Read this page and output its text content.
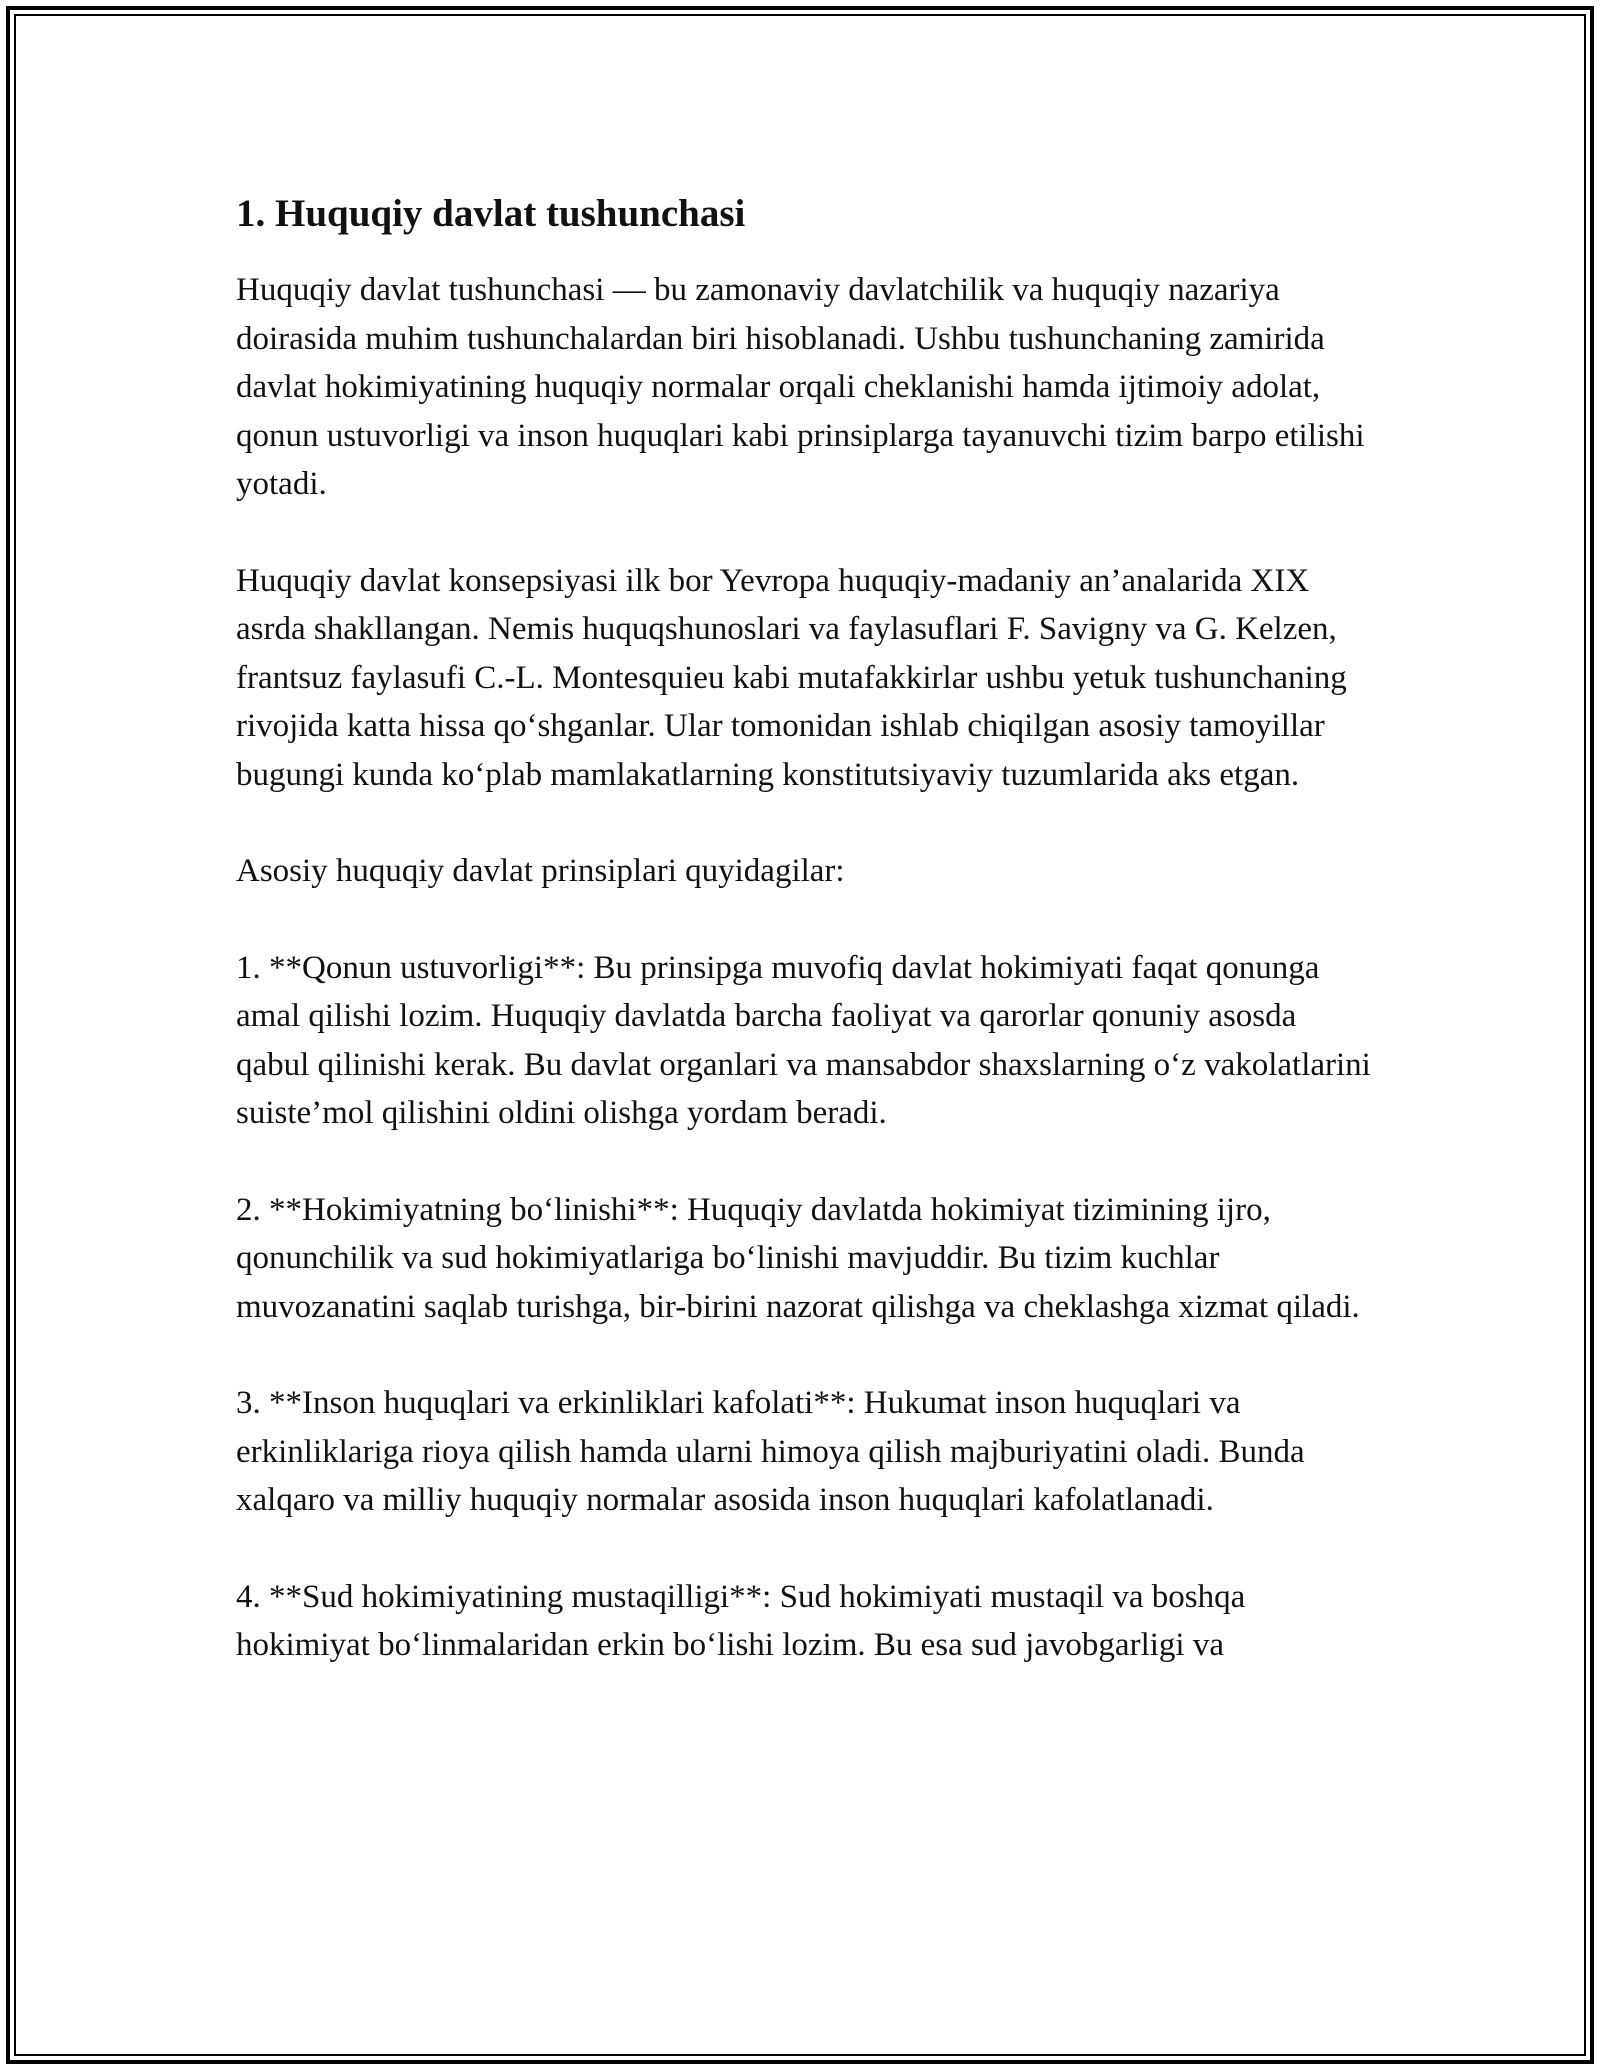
1. Huquqiy davlat tushunchasi

Huquqiy davlat tushunchasi — bu zamonaviy davlatchilik va huquqiy nazariya doirasida muhim tushunchalardan biri hisoblanadi. Ushbu tushunchaning zamirida davlat hokimiyatining huquqiy normalar orqali cheklanishi hamda ijtimoiy adolat, qonun ustuvorligi va inson huquqlari kabi prinsiplarga tayanuvchi tizim barpo etilishi yotadi.

Huquqiy davlat konsepsiyasi ilk bor Yevropa huquqiy-madaniy an’analarida XIX asrda shakllangan. Nemis huquqshunoslari va faylasuflari F. Savigny va G. Kelzen, frantsuz faylasufi C.-L. Montesquieu kabi mutafakkirlar ushbu yetuk tushunchaning rivojida katta hissa qo‘shganlar. Ular tomonidan ishlab chiqilgan asosiy tamoyillar bugungi kunda ko‘plab mamlakatlarning konstitutsiyaviy tuzumlarida aks etgan.

Asosiy huquqiy davlat prinsiplari quyidagilar:

1. **Qonun ustuvorligi**: Bu prinsipga muvofiq davlat hokimiyati faqat qonunga amal qilishi lozim. Huquqiy davlatda barcha faoliyat va qarorlar qonuniy asosda qabul qilinishi kerak. Bu davlat organlari va mansabdor shaxslarning o‘z vakolatlarini suiste’mol qilishini oldini olishga yordam beradi.

2. **Hokimiyatning bo‘linishi**: Huquqiy davlatda hokimiyat tizimining ijro, qonunchilik va sud hokimiyatlariga bo‘linishi mavjuddir. Bu tizim kuchlar muvozanatini saqlab turishga, bir-birini nazorat qilishga va cheklashga xizmat qiladi.

3. **Inson huquqlari va erkinliklari kafolati**: Hukumat inson huquqlari va erkinliklariga rioya qilish hamda ularni himoya qilish majburiyatini oladi. Bunda xalqaro va milliy huquqiy normalar asosida inson huquqlari kafolatlanadi.

4. **Sud hokimiyatining mustaqilligi**: Sud hokimiyati mustaqil va boshqa hokimiyat bo‘linmalaridan erkin bo‘lishi lozim. Bu esa sud javobgarligi va
